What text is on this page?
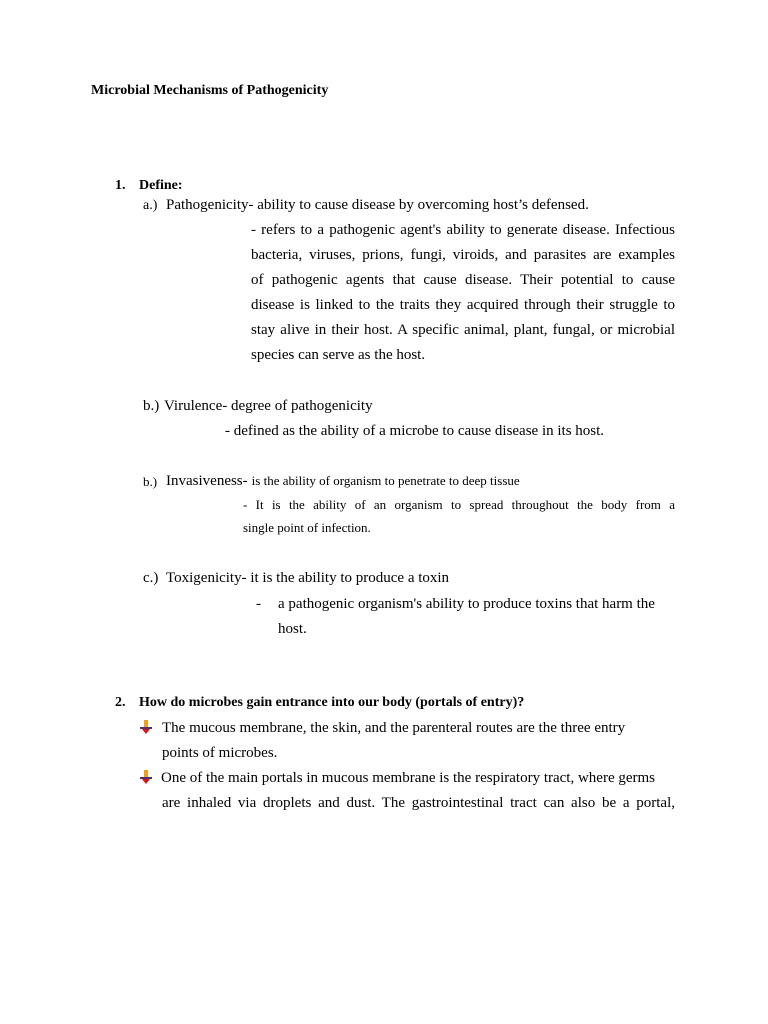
Microbial Mechanisms of Pathogenicity
1. Define:
a.) Pathogenicity- ability to cause disease by overcoming host’s defensed.
- refers to a pathogenic agent's ability to generate disease. Infectious
bacteria, viruses, prions, fungi, viroids, and parasites are examples
of pathogenic agents that cause disease. Their potential to cause
disease is linked to the traits they acquired through their struggle to
stay alive in their host. A specific animal, plant, fungal, or microbial
species can serve as the host.
b.) Virulence- degree of pathogenicity
- defined as the ability of a microbe to cause disease in its host.
b.) Invasiveness- is the ability of organism to penetrate to deep tissue
- It is the ability of an organism to spread throughout the body from a
single point of infection.
c.) Toxigenicity- it is the ability to produce a toxin
- a pathogenic organism's ability to produce toxins that harm the
host.
2. How do microbes gain entrance into our body (portals of entry)?
The mucous membrane, the skin, and the parenteral routes are the three entry
points of microbes.
One of the main portals in mucous membrane is the respiratory tract, where germs
are inhaled via droplets and dust. The gastrointestinal tract can also be a portal,
